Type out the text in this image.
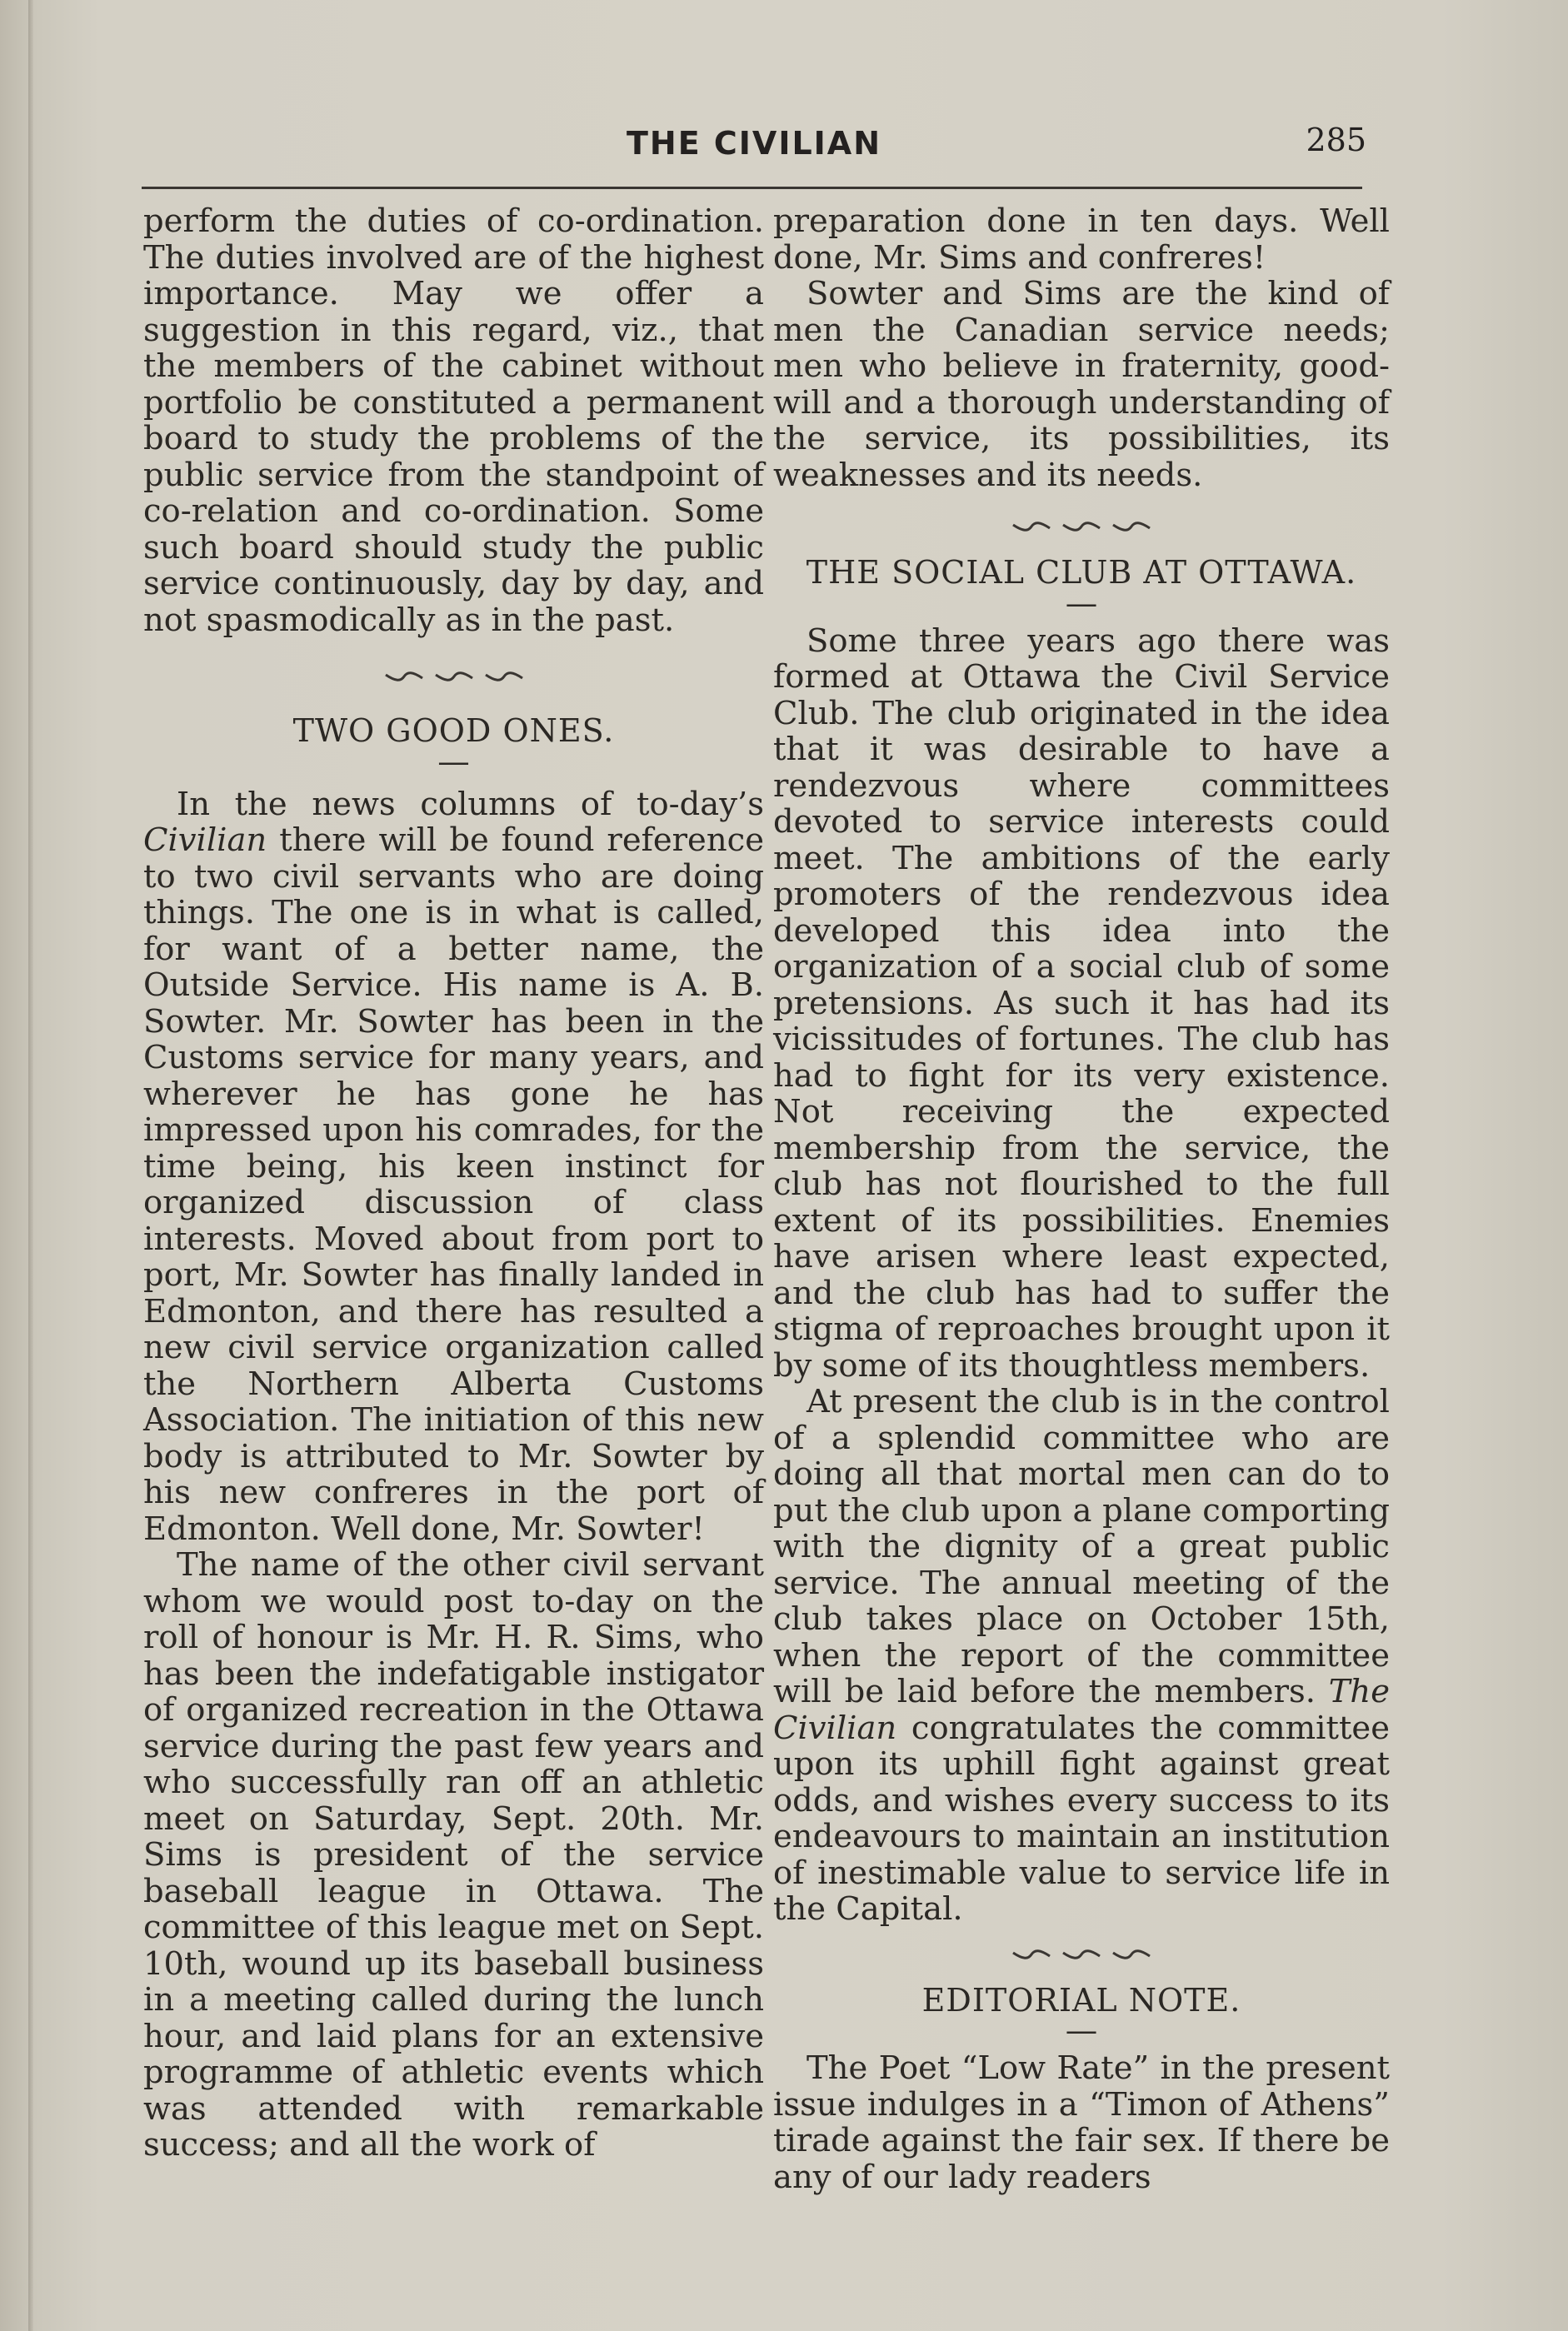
THE CIVILIAN	285

perform the duties of co-ordination. The duties involved are of the highest importance. May we offer a suggestion in this regard, viz., that the members of the cabinet without portfolio be constituted a permanent board to study the problems of the public service from the standpoint of co-relation and co-ordination. Some such board should study the public service continuously, day by day, and not spasmodically as in the past.

TWO GOOD ONES.

—

In the news columns of to-day’s Civilian there will be found reference to two civil servants who are doing things. The one is in what is called, for want of a better name, the Outside Service. His name is A. B. Sowter. Mr. Sowter has been in the Customs service for many years, and wherever he has gone he has impressed upon his comrades, for the time being, his keen instinct for organized discussion of class interests. Moved about from port to port, Mr. Sowter has finally landed in Edmonton, and there has resulted a new civil service organization called the Northern Alberta Customs Association. The initiation of this new body is attributed to Mr. Sowter by his new confreres in the port of Edmonton. Well done, Mr. Sowter!

The name of the other civil servant whom we would post to-day on the roll of honour is Mr. H. R. Sims, who has been the indefatigable instigator of organized recreation in the Ottawa service during the past few years and who successfully ran off an athletic meet on Saturday, Sept. 20th. Mr. Sims is president of the service baseball league in Ottawa. The committee of this league met on Sept. 10th, wound up its baseball business in a meeting called during the lunch hour, and laid plans for an extensive programme of athletic events which was attended with remarkable success; and all the work of

preparation done in ten days. Well done, Mr. Sims and confreres!

Sowter and Sims are the kind of men the Canadian service needs; men who believe in fraternity, good-will and a thorough understanding of the service, its possibilities, its weaknesses and its needs.

THE SOCIAL CLUB AT OTTAWA.

—

Some three years ago there was formed at Ottawa the Civil Service Club. The club originated in the idea that it was desirable to have a rendezvous where committees devoted to service interests could meet. The ambitions of the early promoters of the rendezvous idea developed this idea into the organization of a social club of some pretensions. As such it has had its vicissitudes of fortunes. The club has had to fight for its very existence. Not receiving the expected membership from the service, the club has not flourished to the full extent of its possibilities. Enemies have arisen where least expected, and the club has had to suffer the stigma of reproaches brought upon it by some of its thoughtless members.

At present the club is in the control of a splendid committee who are doing all that mortal men can do to put the club upon a plane comporting with the dignity of a great public service. The annual meeting of the club takes place on October 15th, when the report of the committee will be laid before the members. The Civilian congratulates the committee upon its uphill fight against great odds, and wishes every success to its endeavours to maintain an institution of inestimable value to service life in the Capital.

EDITORIAL NOTE.

—

The Poet “Low Rate” in the present issue indulges in a “Timon of Athens” tirade against the fair sex. If there be any of our lady readers
